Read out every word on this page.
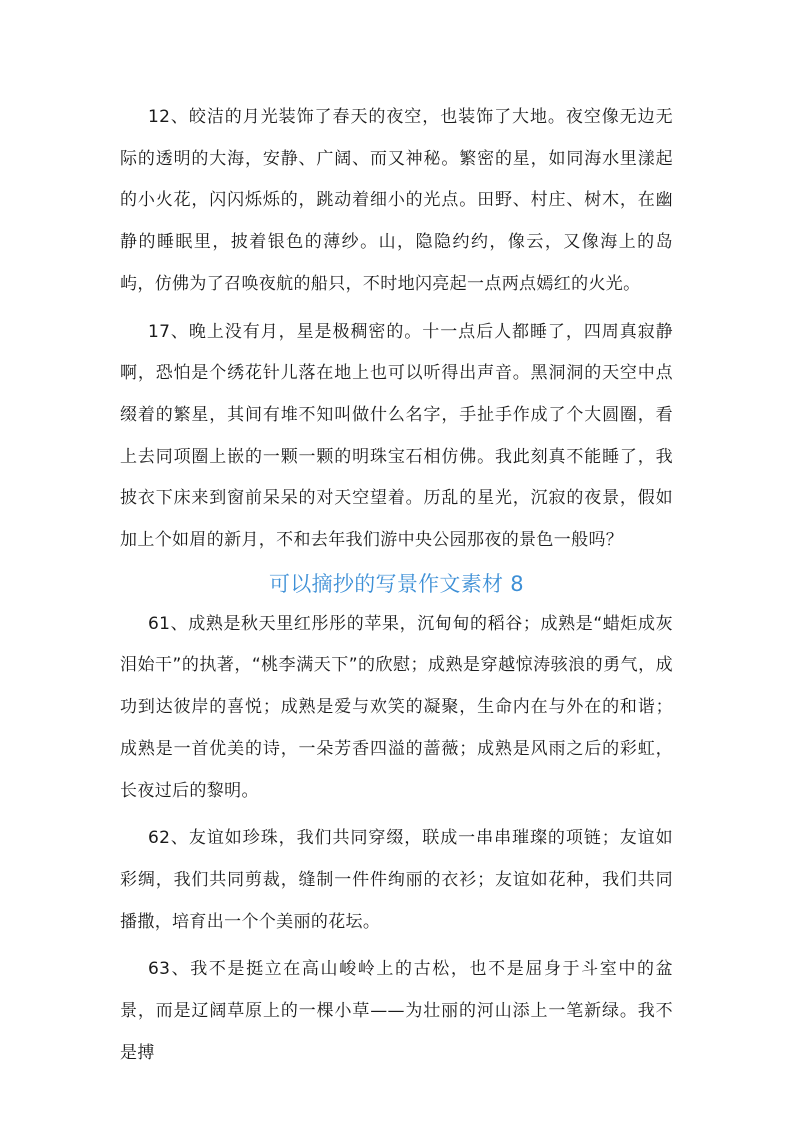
12、皎洁的月光装饰了春天的夜空，也装饰了大地。夜空像无边无际的透明的大海，安静、广阔、而又神秘。繁密的星，如同海水里漾起的小火花，闪闪烁烁的，跳动着细小的光点。田野、村庄、树木，在幽静的睡眠里，披着银色的薄纱。山，隐隐约约，像云，又像海上的岛屿，仿佛为了召唤夜航的船只，不时地闪亮起一点两点嫣红的火光。

17、晚上没有月，星是极稠密的。十一点后人都睡了，四周真寂静啊，恐怕是个绣花针儿落在地上也可以听得出声音。黑洞洞的天空中点缀着的繁星，其间有堆不知叫做什么名字，手扯手作成了个大圆圈，看上去同项圈上嵌的一颗一颗的明珠宝石相仿佛。我此刻真不能睡了，我披衣下床来到窗前呆呆的对天空望着。历乱的星光，沉寂的夜景，假如加上个如眉的新月，不和去年我们游中央公园那夜的景色一般吗？

可以摘抄的写景作文素材 8

61、成熟是秋天里红彤彤的苹果，沉甸甸的稻谷；成熟是“蜡炬成灰泪始干”的执著，“桃李满天下”的欣慰；成熟是穿越惊涛骇浪的勇气，成功到达彼岸的喜悦；成熟是爱与欢笑的凝聚，生命内在与外在的和谐；成熟是一首优美的诗，一朵芳香四溢的蔷薇；成熟是风雨之后的彩虹，长夜过后的黎明。

62、友谊如珍珠，我们共同穿缀，联成一串串璀璨的项链；友谊如彩绸，我们共同剪裁，缝制一件件绚丽的衣衫；友谊如花种，我们共同播撒，培育出一个个美丽的花坛。

63、我不是挺立在高山峻岭上的古松，也不是屈身于斗室中的盆景，而是辽阔草原上的一棵小草——为壮丽的河山添上一笔新绿。我不是搏
